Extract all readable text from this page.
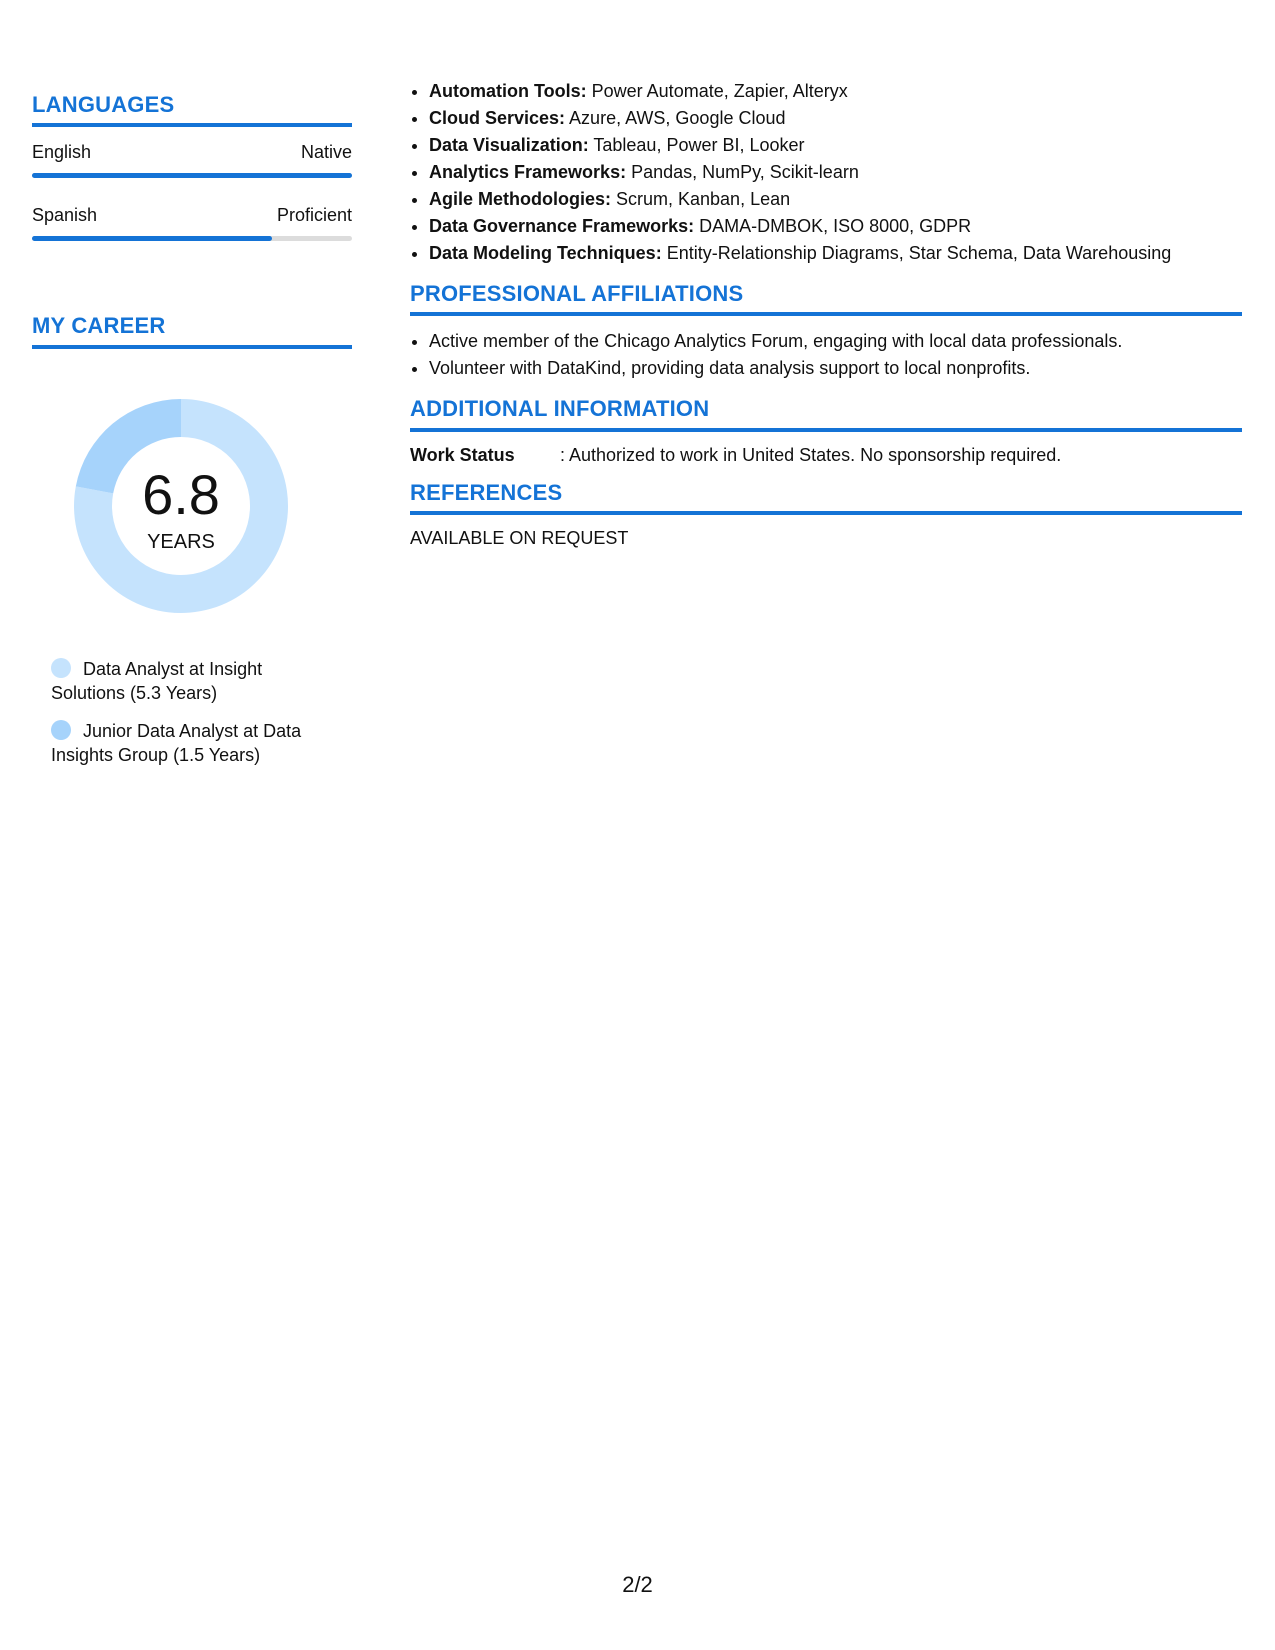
LANGUAGES
English	Native
Spanish	Proficient
MY CAREER
6.8
YEARS
Data Analyst at Insight Solutions (5.3 Years)
Junior Data Analyst at Data Insights Group (1.5 Years)
• Automation Tools: Power Automate, Zapier, Alteryx
• Cloud Services: Azure, AWS, Google Cloud
• Data Visualization: Tableau, Power BI, Looker
• Analytics Frameworks: Pandas, NumPy, Scikit-learn
• Agile Methodologies: Scrum, Kanban, Lean
• Data Governance Frameworks: DAMA-DMBOK, ISO 8000, GDPR
• Data Modeling Techniques: Entity-Relationship Diagrams, Star Schema, Data Warehousing
PROFESSIONAL AFFILIATIONS
• Active member of the Chicago Analytics Forum, engaging with local data professionals.
• Volunteer with DataKind, providing data analysis support to local nonprofits.
ADDITIONAL INFORMATION
Work Status	: Authorized to work in United States. No sponsorship required.
REFERENCES
AVAILABLE ON REQUEST
2/2
